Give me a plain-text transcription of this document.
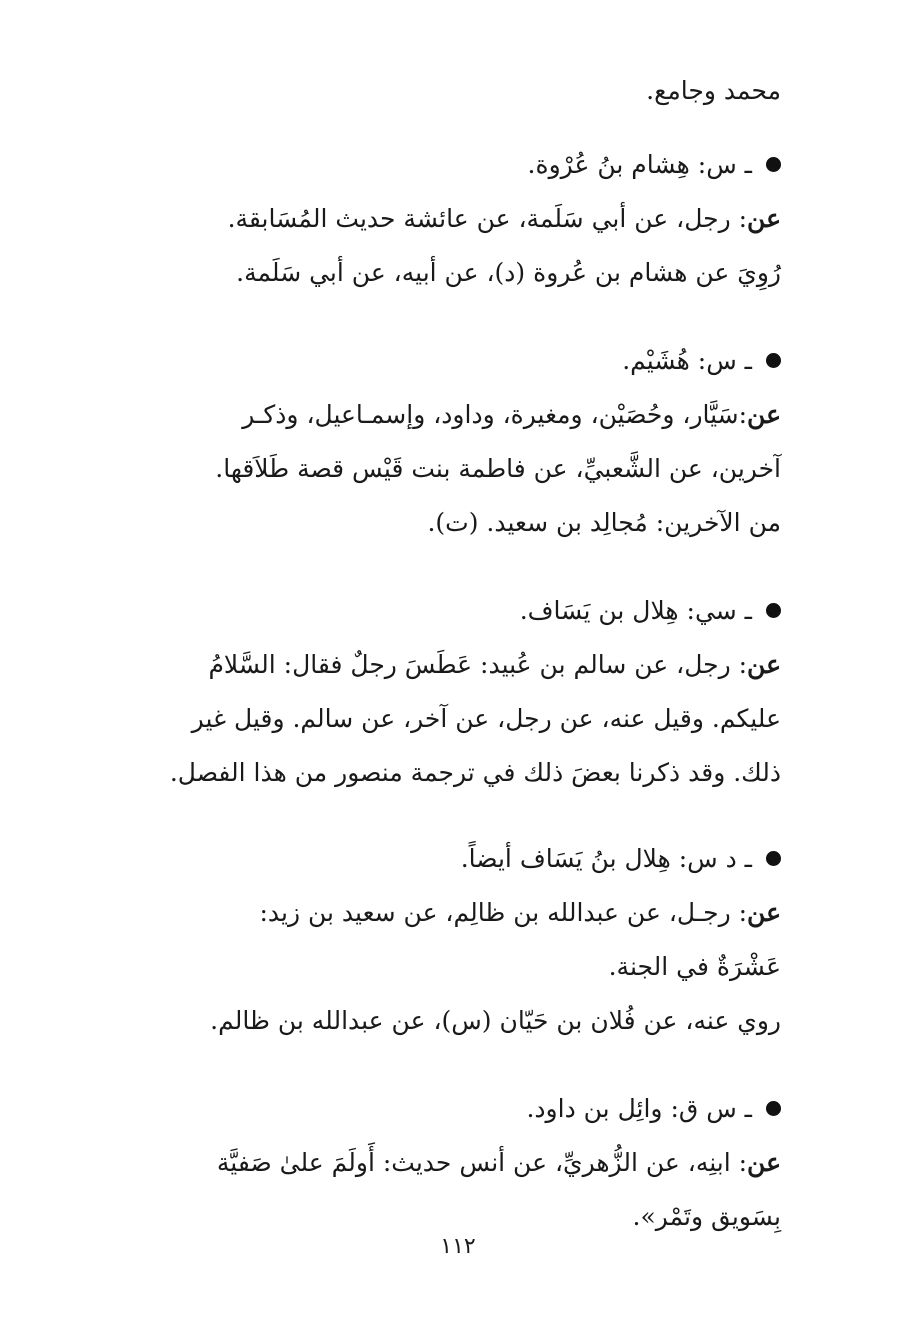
محمد وجامع.
ـ س: هِشام بنُ عُرْوة.
عن: رجل، عن أبي سَلَمة، عن عائشة حديث المُسَابقة.
رُوِيَ عن هشام بن عُروة (د)، عن أبيه، عن أبي سَلَمة.
ـ س: هُشَيْم.
عن:سَيَّار، وحُصَيْن، ومغيرة، وداود، وإسمـاعيل، وذكـر
آخرين، عن الشَّعبيِّ، عن فاطمة بنت قَيْس قصة طَلاَقها.
من الآخرين: مُجالِد بن سعيد. (ت).
ـ سي: هِلال بن يَسَاف.
عن: رجل، عن سالم بن عُبيد: عَطَسَ رجلٌ فقال: السَّلامُ
عليكم. وقيل عنه، عن رجل، عن آخر، عن سالم. وقيل غير
ذلك. وقد ذكرنا بعضَ ذلك في ترجمة منصور من هذا الفصل.
ـ د س: هِلال بنُ يَسَاف أيضاً.
عن: رجـل، عن عبدالله بن ظالِم، عن سعيد بن زيد:
عَشْرَةٌ في الجنة.
روي عنه، عن فُلان بن حَيّان (س)، عن عبدالله بن ظالم.
ـ س ق: وائِل بن داود.
عن: ابنِه، عن الزُّهريِّ، عن أنس حديث: أَولَمَ علىٰ صَفيَّة
بِسَويق وتَمْر».
١١٢
